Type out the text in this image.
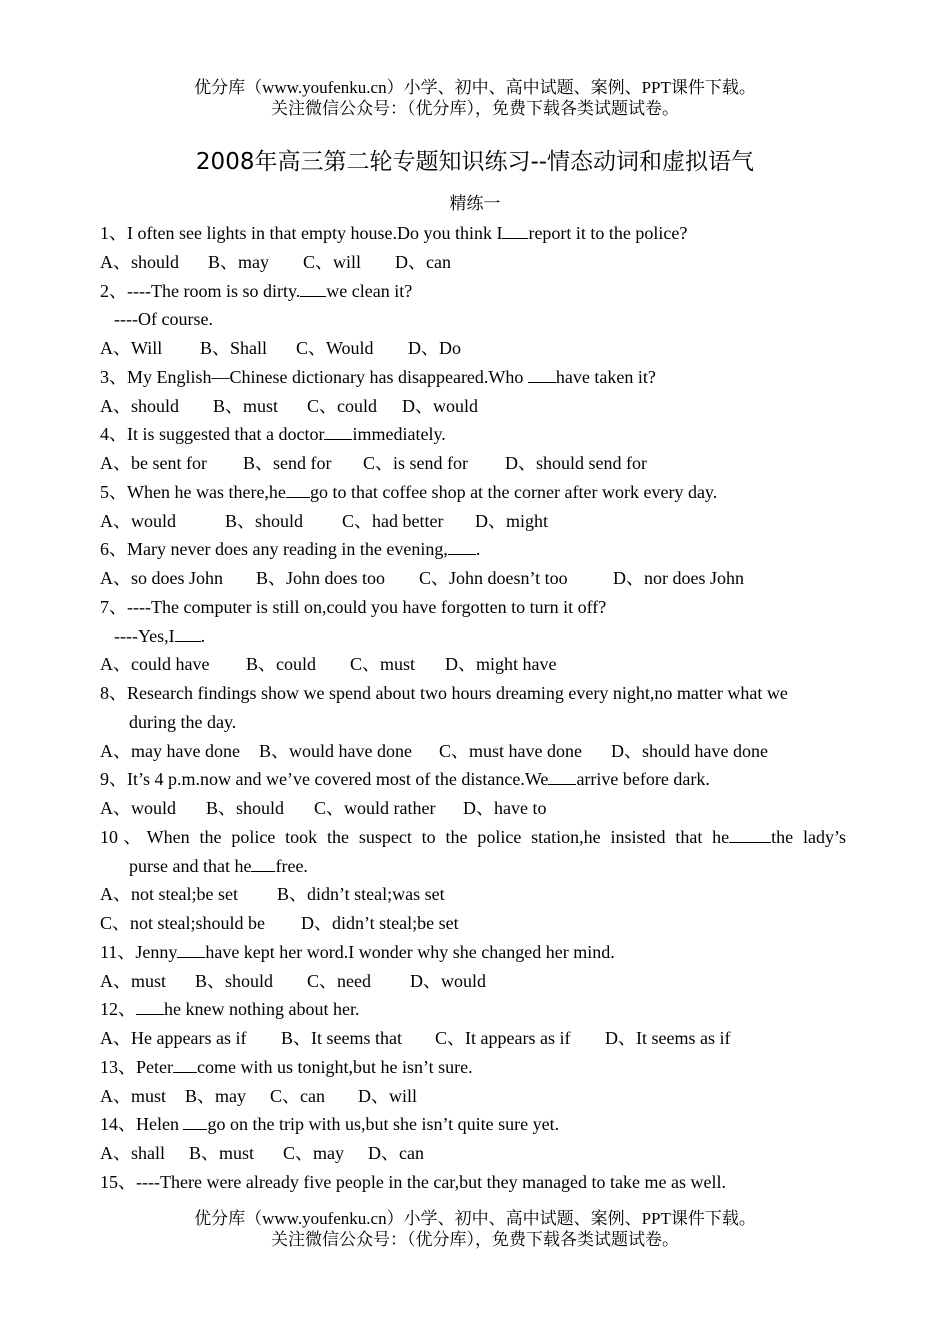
优分库（www.youfenku.cn）小学、初中、高中试题、案例、PPT课件下载。
关注微信公众号：（优分库），免费下载各类试题试卷。
2008年高三第二轮专题知识练习--情态动词和虚拟语气
精练一
1、I often see lights in that empty house.Do you think I report it to the police?
A、should B、may C、will D、can
2、----The room is so dirty. we clean it?
----Of course.
A、Will B、Shall C、Would D、Do
3、My English—Chinese dictionary has disappeared.Who have taken it?
A、should B、must C、could D、would
4、It is suggested that a doctor immediately.
A、be sent for B、send for C、is send for D、should send for
5、When he was there,he go to that coffee shop at the corner after work every day.
A、would	B、should C、had better D、might
6、Mary never does any reading in the evening, .
A、so does John B、John does too C、John doesn’t too	D、nor does John
7、----The computer is still on,could you have forgotten to turn it off?
----Yes,I .
A、could have B、could C、must D、might have
8、Research findings show we spend about two hours dreaming every night,no matter what we
during the day.
A、may have done B、would have done C、must have done D、should have done
9、It’s 4 p.m.now and we’ve covered most of the distance.We arrive before dark.
A、would B、should C、would rather D、have to
10、When the police took the suspect to the police station,he insisted that he the lady’s
purse and that he free.
A、not steal;be set B、didn’t steal;was set
C、not steal;should be D、didn’t steal;be set
11、Jenny have kept her word.I wonder why she changed her mind.
A、must B、should C、need D、would
12、 he knew nothing about her.
A、He appears as if B、It seems that C、It appears as if D、It seems as if
13、Peter come with us tonight,but he isn’t sure.
A、must B、may C、can D、will
14、Helen go on the trip with us,but she isn’t quite sure yet.
A、shall B、must C、may D、can
15、----There were already five people in the car,but they managed to take me as well.
优分库（www.youfenku.cn）小学、初中、高中试题、案例、PPT课件下载。
关注微信公众号：（优分库），免费下载各类试题试卷。
